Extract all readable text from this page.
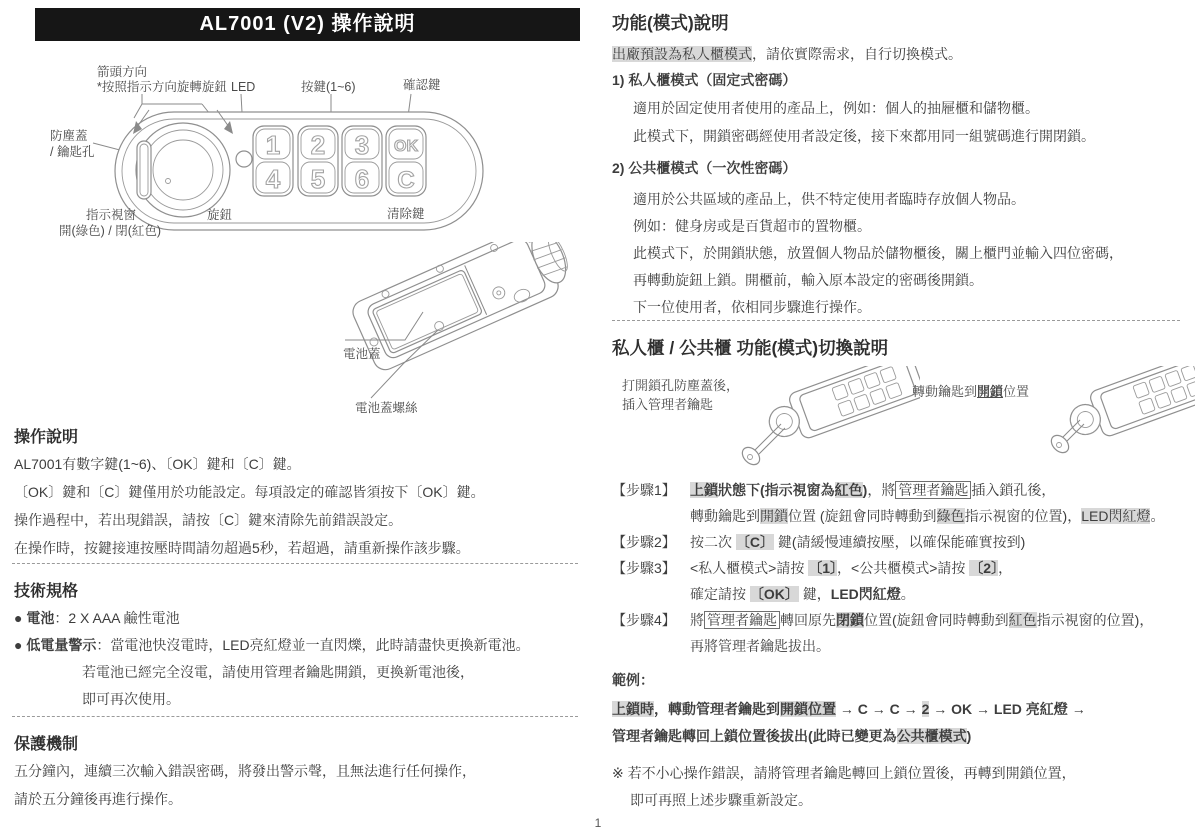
AL7001 (V2) 操作說明
1 2 3 OK
4 5 6 C
箭頭方向
*按照指示方向旋轉旋鈕 LED	按鍵(1~6)	確認鍵
防塵蓋
/ 鑰匙孔
指示視窗
開(綠色) / 閉(紅色)
旋鈕	清除鍵
電池蓋
電池蓋螺絲
操作說明
AL7001有數字鍵(1~6)、〔OK〕鍵和〔C〕鍵。
〔OK〕鍵和〔C〕鍵僅用於功能設定。每項設定的確認皆須按下〔OK〕鍵。
操作過程中，若出現錯誤，請按〔C〕鍵來清除先前錯誤設定。
在操作時，按鍵接連按壓時間請勿超過5秒，若超過，請重新操作該步驟。
技術規格
● 電池：2 X AAA 鹼性電池
● 低電量警示：當電池快沒電時，LED亮紅燈並一直閃爍，此時請盡快更換新電池。
若電池已經完全沒電，請使用管理者鑰匙開鎖，更換新電池後，
即可再次使用。
保護機制
五分鐘內，連續三次輸入錯誤密碼，將發出警示聲，且無法進行任何操作，
請於五分鐘後再進行操作。
功能(模式)說明
出廠預設為私人櫃模式，請依實際需求，自行切換模式。
1) 私人櫃模式（固定式密碼）
適用於固定使用者使用的產品上，例如：個人的抽屜櫃和儲物櫃。
此模式下，開鎖密碼經使用者設定後，接下來都用同一組號碼進行開閉鎖。
2) 公共櫃模式（一次性密碼）
適用於公共區域的產品上，供不特定使用者臨時存放個人物品。
例如：健身房或是百貨超市的置物櫃。
此模式下，於開鎖狀態，放置個人物品於儲物櫃後，關上櫃門並輸入四位密碼，
再轉動旋鈕上鎖。開櫃前，輸入原本設定的密碼後開鎖。
下一位使用者，依相同步驟進行操作。
私人櫃 / 公共櫃 功能(模式)切換說明
打開鎖孔防塵蓋後，
插入管理者鑰匙
轉動鑰匙到開鎖位置
【步驟1】	上鎖狀態下(指示視窗為紅色)，將 管理者鑰匙 插入鎖孔後，
轉動鑰匙到開鎖位置 (旋鈕會同時轉動到綠色指示視窗的位置)，LED閃紅燈。
【步驟2】	按二次 〔C〕 鍵(請緩慢連續按壓，以確保能確實按到)
【步驟3】	<私人櫃模式>請按 〔1〕，<公共櫃模式>請按 〔2〕，
確定請按 〔OK〕 鍵，LED閃紅燈。
【步驟4】	將 管理者鑰匙 轉回原先閉鎖位置(旋鈕會同時轉動到紅色指示視窗的位置)，
再將管理者鑰匙拔出。
範例：
上鎖時，轉動管理者鑰匙到開鎖位置 → C → C → 2 → OK → LED 亮紅燈 →
管理者鑰匙轉回上鎖位置後拔出(此時已變更為公共櫃模式)
※ 若不小心操作錯誤，請將管理者鑰匙轉回上鎖位置後，再轉到開鎖位置，
即可再照上述步驟重新設定。
1
